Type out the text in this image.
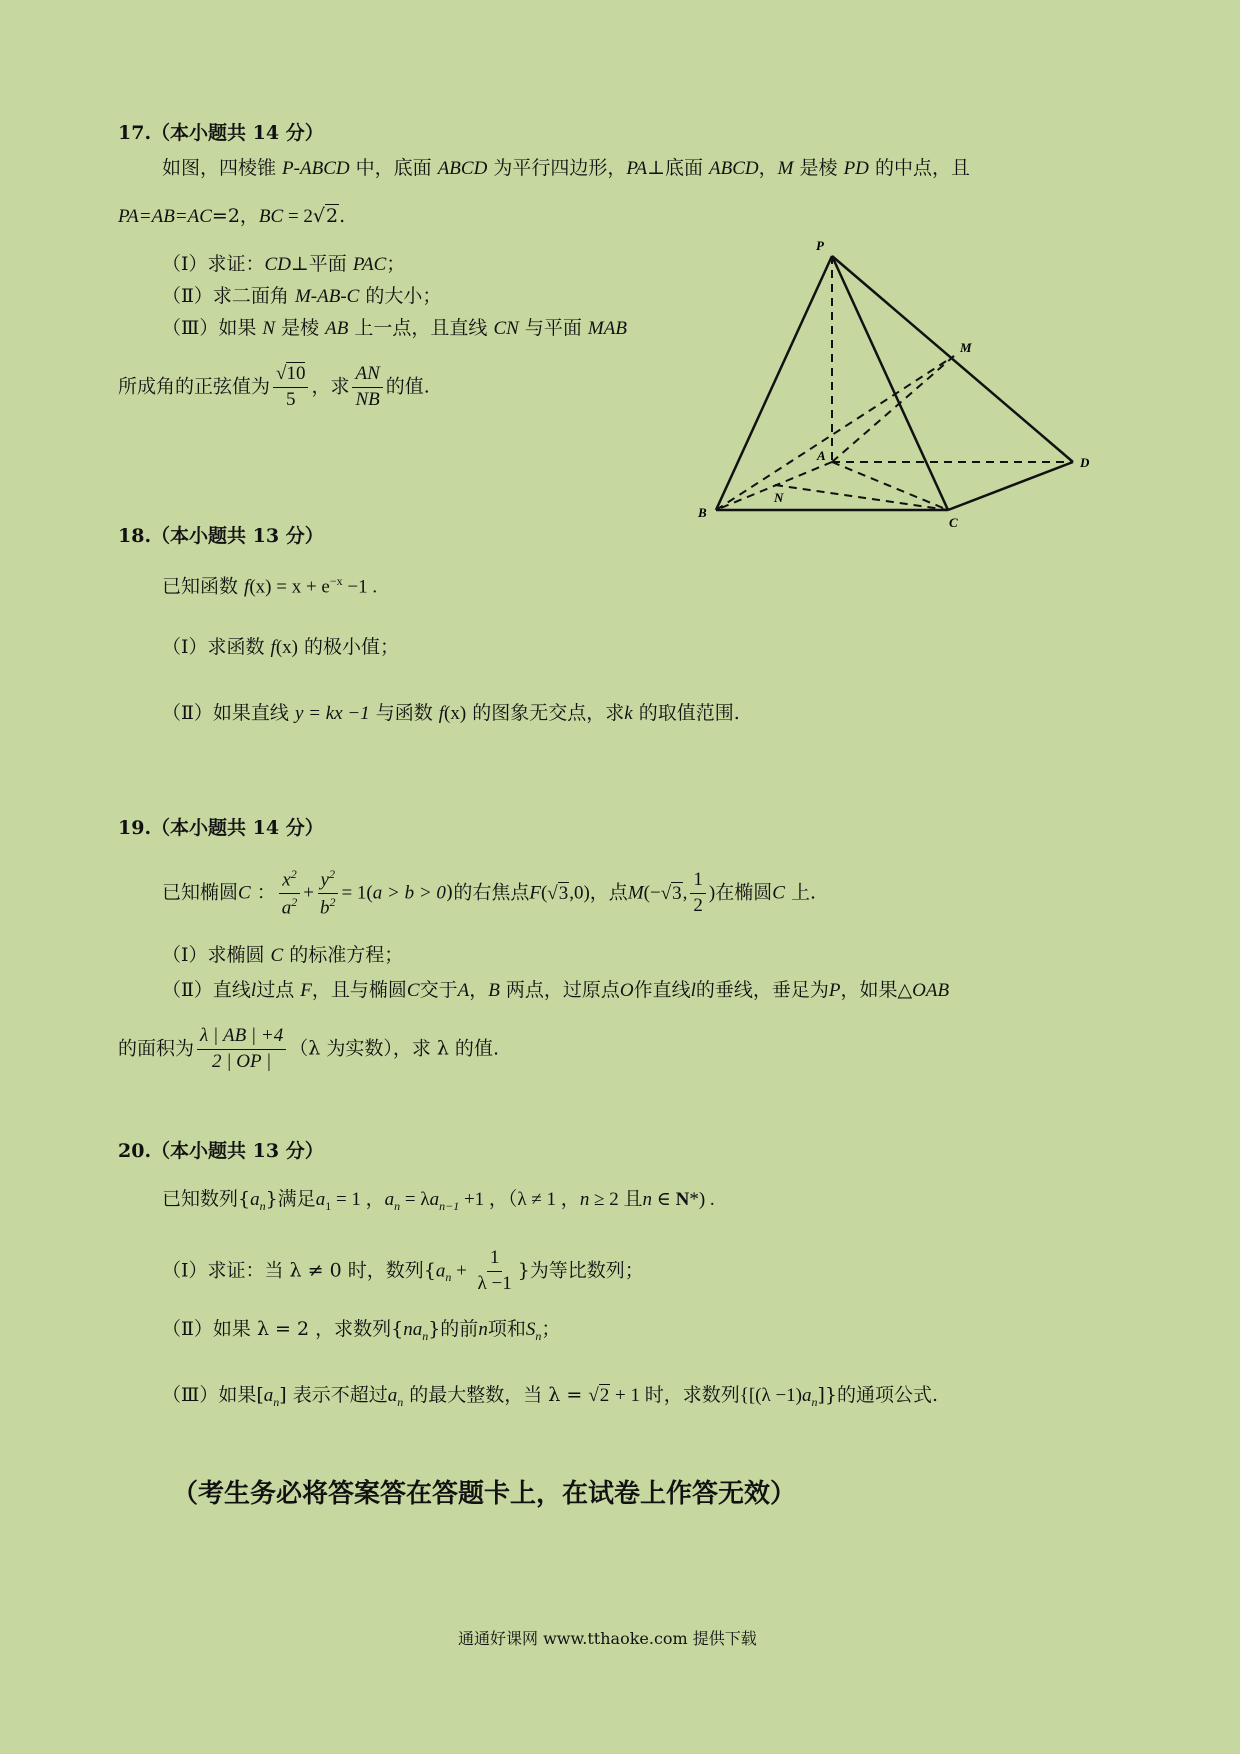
17.（本小题共 14 分）
如图，四棱锥 P-ABCD 中，底面 ABCD 为平行四边形，PA⊥底面 ABCD，M 是棱 PD 的中点，且
PA=AB=AC=2，BC = 2√2.
（Ⅰ）求证：CD⊥平面 PAC；
（Ⅱ）求二面角 M-AB-C 的大小；
（Ⅲ）如果 N 是棱 AB 上一点，且直线 CN 与平面 MAB
所成角的正弦值为 $\frac{√10}{5}$ ，求 $\frac{AN}{NB}$ 的值.
P
M
A	D
B
N
C
18.（本小题共 13 分）
已知函数 $f(x) = x + e^{-x} -1$ .
（Ⅰ）求函数 f(x) 的极小值；
（Ⅱ）如果直线 y = kx −1 与函数 f(x) 的图象无交点，求k 的取值范围.
19.（本小题共 14 分）
已知椭圆C ： $\frac{x^2}{a^2} + \frac{y^2}{b^2} = 1(a > b > 0)$的右焦点F(√3,0)，点M(−√3, $\frac{1}{2}$ )在椭圆C 上.
（Ⅰ）求椭圆 C 的标准方程；
（Ⅱ）直线l过点 F，且与椭圆C交于A，B 两点，过原点O作直线l的垂线，垂足为P，如果△OAB
的面积为 $\frac{\lambda | AB | +4}{2 | OP |} (\lambda$ 为实数），求 λ 的值.
20.（本小题共 13 分）
已知数列$\{a_n\}$满足$a_1 = 1$ ，$a_n = \lambda a_{n-1} +1$ ，（λ ≠ 1 ，n ≥ 2 且n ∈ N*) .
（Ⅰ）求证：当 λ ≠ 0 时，数列{$a_n + \frac{1}{\lambda -1}$ }为等比数列；
（Ⅱ）如果 λ = 2 ，求数列$\{na_n\}$的前n项和$S_n$；
（Ⅲ）如果$[a_n]$ 表示不超过$a_n$ 的最大整数，当 λ = √2 + 1 时，求数列$\{[(\lambda -1)a_n]\}$的通项公式.
（考生务必将答案答在答题卡上，在试卷上作答无效）
通通好课网 www.tthaoke.com 提供下载
